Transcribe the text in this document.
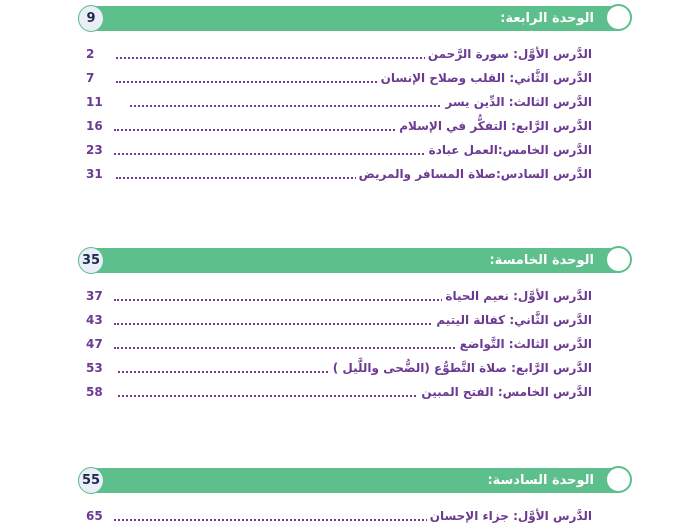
9	الوحدة الرابعة:
2	الدَّرس الأوَّل: سورة الرَّحمن
7	الدَّرس الثَّاني: القلب وصلاح الإنسان
11	الدَّرس الثالث: الدِّين يسر
16	الدَّرس الرَّابع: التفكُّر في الإسلام
23	الدَّرس الخامس:العمل عبادة
31	الدَّرس السادس:صلاة المسافر والمريض
35	الوحدة الخامسة:
37	الدَّرس الأوَّل: نعيم الحياة
43	الدَّرس الثَّاني: كفالة اليتيم
47	الدَّرس الثالث: التَّواضع
53	الدَّرس الرَّابع: صلاة التَّطوُّع (الضُّحى واللَّيل )
58	الدَّرس الخامس: الفتح المبين
55	الوحدة السادسة:
65	الدَّرس الأوَّل: جزاء الإحسان
